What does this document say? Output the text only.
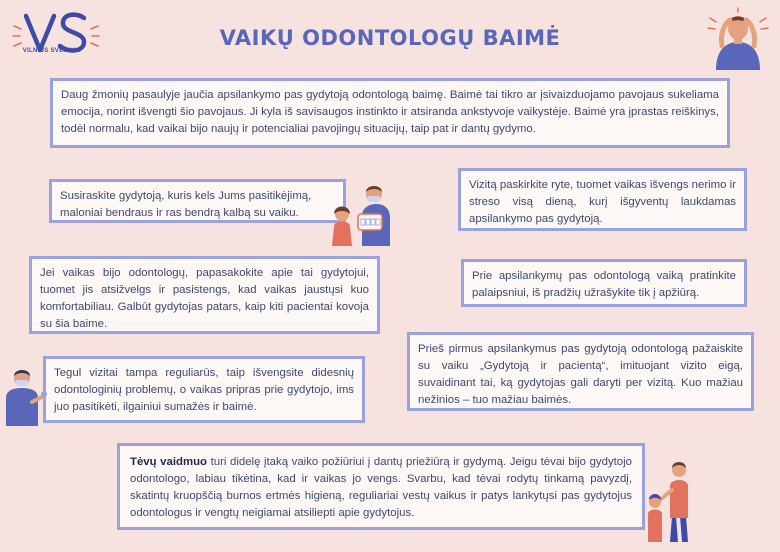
VILNIUS SVEIKIAU
VAIKŲ ODONTOLOGŲ BAIMĖ

Daug žmonių pasaulyje jaučia apsilankymo pas gydytoją odontologą baimę. Baimė tai tikro ar įsivaizduojamo pavojaus sukeliama emocija, norint išvengti šio pavojaus. Ji kyla iš savisaugos instinkto ir atsiranda ankstyvoje vaikystėje. Baimė yra įprastas reiškinys, todėl normalu, kad vaikai bijo naujų ir potencialiai pavojingų situacijų, taip pat ir dantų gydymo.

Susiraskite gydytoją, kuris kels Jums pasitikėjimą, maloniai bendraus ir ras bendrą kalbą su vaiku.

Vizitą paskirkite ryte, tuomet vaikas išvengs nerimo ir streso visą dieną, kurį išgyventų laukdamas apsilankymo pas gydytoją.

Jei vaikas bijo odontologų, papasakokite apie tai gydytojui, tuomet jis atsižvelgs ir pasistengs, kad vaikas jaustųsi kuo komfortabiliau. Galbūt gydytojas patars, kaip kiti pacientai kovoja su šia baime.

Prie apsilankymų pas odontologą vaiką pratinkite palaipsniui, iš pradžių užrašykite tik į apžiūrą.

Tegul vizitai tampa reguliarūs, taip išvengsite didesnių odontologinių problemų, o vaikas pripras prie gydytojo, ims juo pasitikėti, ilgainiui sumažės ir baimė.

Prieš pirmus apsilankymus pas gydytoją odontologą pažaiskite su vaiku „Gydytoją ir pacientą“, imituojant vizito eigą, suvaidinant tai, ką gydytojas gali daryti per vizitą. Kuo mažiau nežinios – tuo mažiau baimės.

Tėvų vaidmuo turi didelę įtaką vaiko požiūriui į dantų priežiūrą ir gydymą. Jeigu tėvai bijo gydytojo odontologo, labiau tikėtina, kad ir vaikas jo vengs. Svarbu, kad tėvai rodytų tinkamą pavyzdį, skatintų kruopščią burnos ertmės higieną, reguliariai vestų vaikus ir patys lankytųsi pas gydytojus odontologus ir vengtų neigiamai atsiliepti apie gydytojus.
